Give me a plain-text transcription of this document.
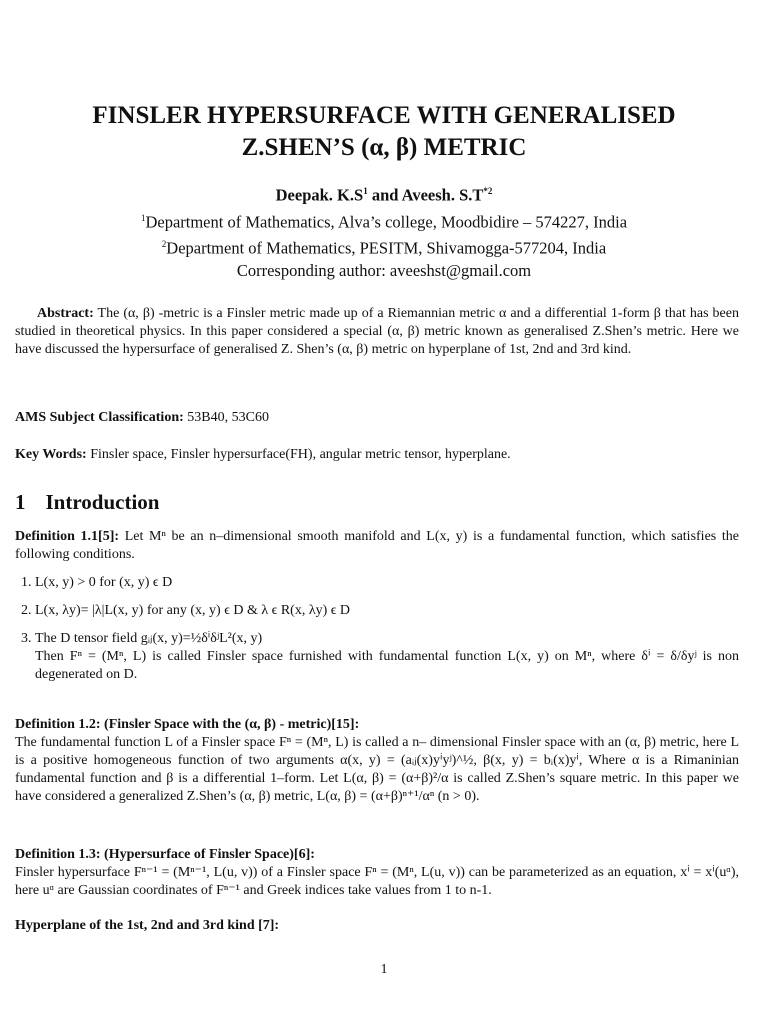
FINSLER HYPERSURFACE WITH GENERALISED
Z.SHEN’S (α, β) METRIC
Deepak. $K.S^1$ and Aveesh. $S.T^{*2}$
$^1$Department of Mathematics, Alva’s college, Moodbidire – 574227, India
$^2$Department of Mathematics, PESITM, Shivamogga-577204, India
Corresponding author: aveeshst@gmail.com
Abstract: The (α, β) -metric is a Finsler metric made up of a Riemannian metric α and a differential 1-form β that has been studied in theoretical physics. In this paper considered a special (α, β) metric known as generalised Z.Shen’s metric. Here we have discussed the hypersurface of generalised Z. Shen’s (α, β) metric on hyperplane of 1st, 2nd and 3rd kind.
AMS Subject Classification: 53B40, 53C60
Key Words: Finsler space, Finsler hypersurface(FH), angular metric tensor, hyperplane.
1 Introduction
Definition 1.1[5]: Let Mⁿ be an n–dimensional smooth manifold and L(x, y) is a fundamental function, which satisfies the following conditions.
1. L(x, y) > 0 for (x, y) ϵ D
2. L(x, λy)= |λ|L(x, y) for any (x, y) ϵ D & λ ϵ R(x, λy) ϵ D
3. The D tensor field gᵢⱼ(x, y)=½δⁱδʲL²(x, y)
Then Fⁿ = (Mⁿ, L) is called Finsler space furnished with fundamental function L(x, y) on Mⁿ, where δⁱ = δ/δyʲ is non degenerated on D.
Definition 1.2: (Finsler Space with the (α, β) - metric)[15]:
The fundamental function L of a Finsler space Fⁿ = (Mⁿ, L) is called a n– dimensional Finsler space with an (α, β) metric, here L is a positive homogeneous function of two arguments α(x, y) = (aᵢⱼ(x)yⁱyʲ)^½, β(x, y) = bᵢ(x)yⁱ, Where α is a Rimaninian fundamental function and β is a differential 1–form. Let L(α, β) = (α+β)²/α is called Z.Shen’s square metric. In this paper we have considered a generalized Z.Shen’s (α, β) metric, L(α, β) = (α+β)ⁿ⁺¹/αⁿ (n > 0).
Definition 1.3: (Hypersurface of Finsler Space)[6]:
Finsler hypersurface Fⁿ⁻¹ = (Mⁿ⁻¹, L(u, v)) of a Finsler space Fⁿ = (Mⁿ, L(u, v)) can be parameterized as an equation, xⁱ = xⁱ(uᵅ), here uᵅ are Gaussian coordinates of Fⁿ⁻¹ and Greek indices take values from 1 to n-1.
Hyperplane of the 1st, 2nd and 3rd kind [7]:
1
